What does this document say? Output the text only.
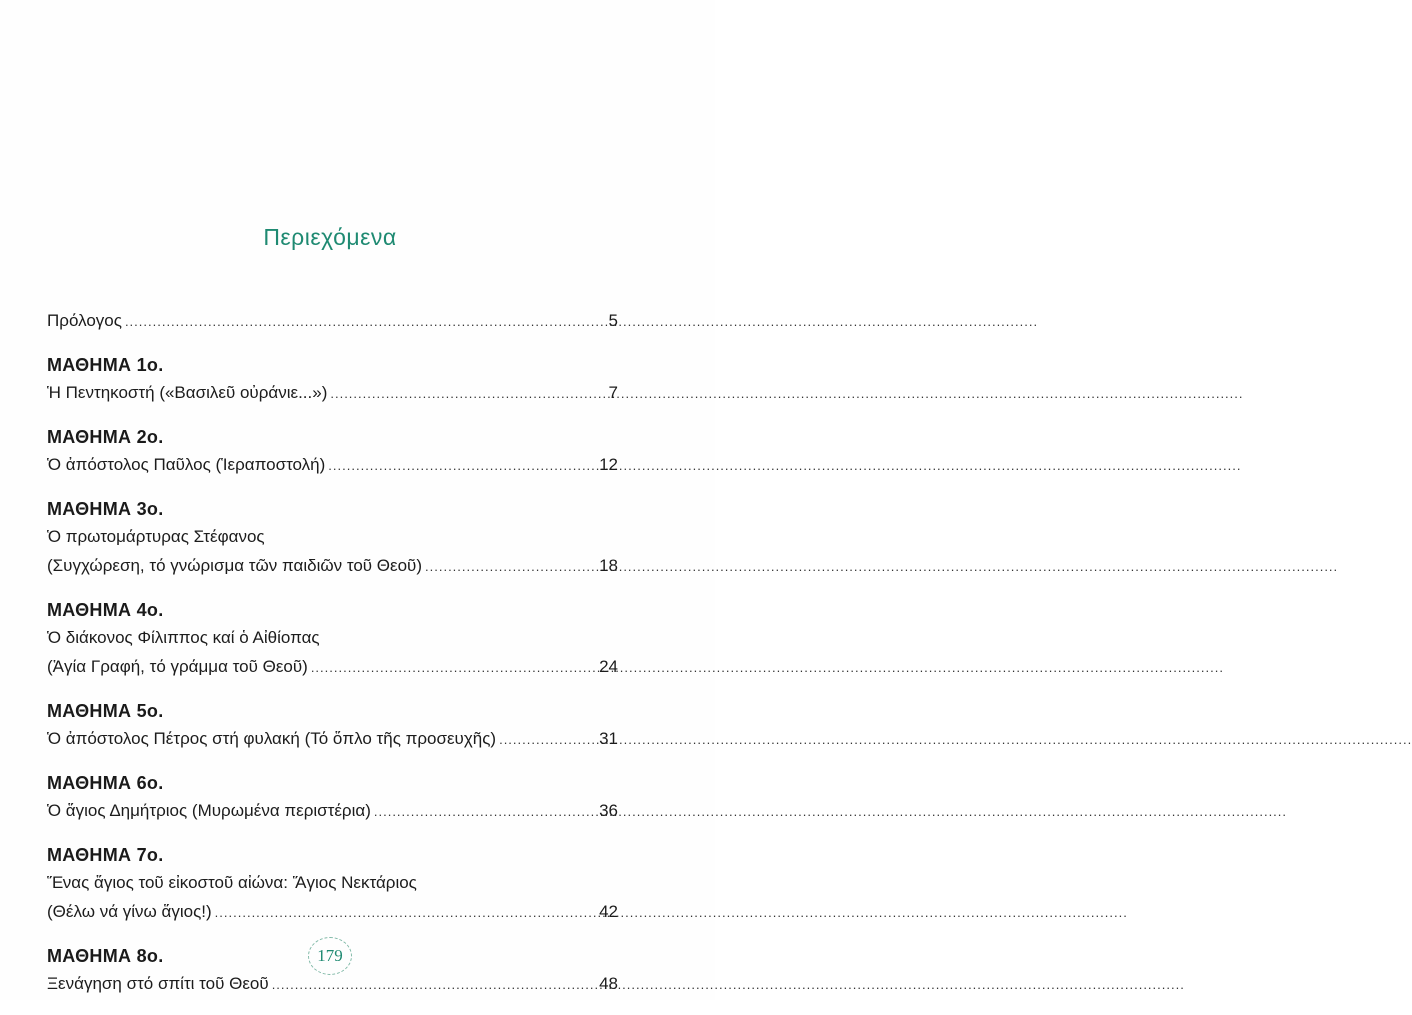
Περιεχόμενα
Πρόλογος .....	5
ΜΑΘΗΜΑ 1ο.
Ἡ Πεντηκοστή («Βασιλεῦ οὐράνιε...») .....	7
ΜΑΘΗΜΑ 2ο.
Ὁ ἀπόστολος Παῦλος (Ἱεραποστολή) .....	12
ΜΑΘΗΜΑ 3ο.
Ὁ πρωτομάρτυρας Στέφανος
(Συγχώρεση, τό γνώρισμα τῶν παιδιῶν τοῦ Θεοῦ) .....	18
ΜΑΘΗΜΑ 4ο.
Ὁ διάκονος Φίλιππος καί ὁ Αἰθίοπας
(Ἁγία Γραφή, τό γράμμα τοῦ Θεοῦ) .....	24
ΜΑΘΗΜΑ 5ο.
Ὁ ἀπόστολος Πέτρος στή φυλακή (Τό ὅπλο τῆς προσευχῆς) .....	31
ΜΑΘΗΜΑ 6ο.
Ὁ ἅγιος Δημήτριος (Μυρωμένα περιστέρια) .....	36
ΜΑΘΗΜΑ 7ο.
Ἕνας ἅγιος τοῦ εἰκοστοῦ αἰώνα: Ἅγιος Νεκτάριος
(Θέλω νά γίνω ἅγιος!) .....	42
ΜΑΘΗΜΑ 8ο.
Ξενάγηση στό σπίτι τοῦ Θεοῦ .....	48
179
